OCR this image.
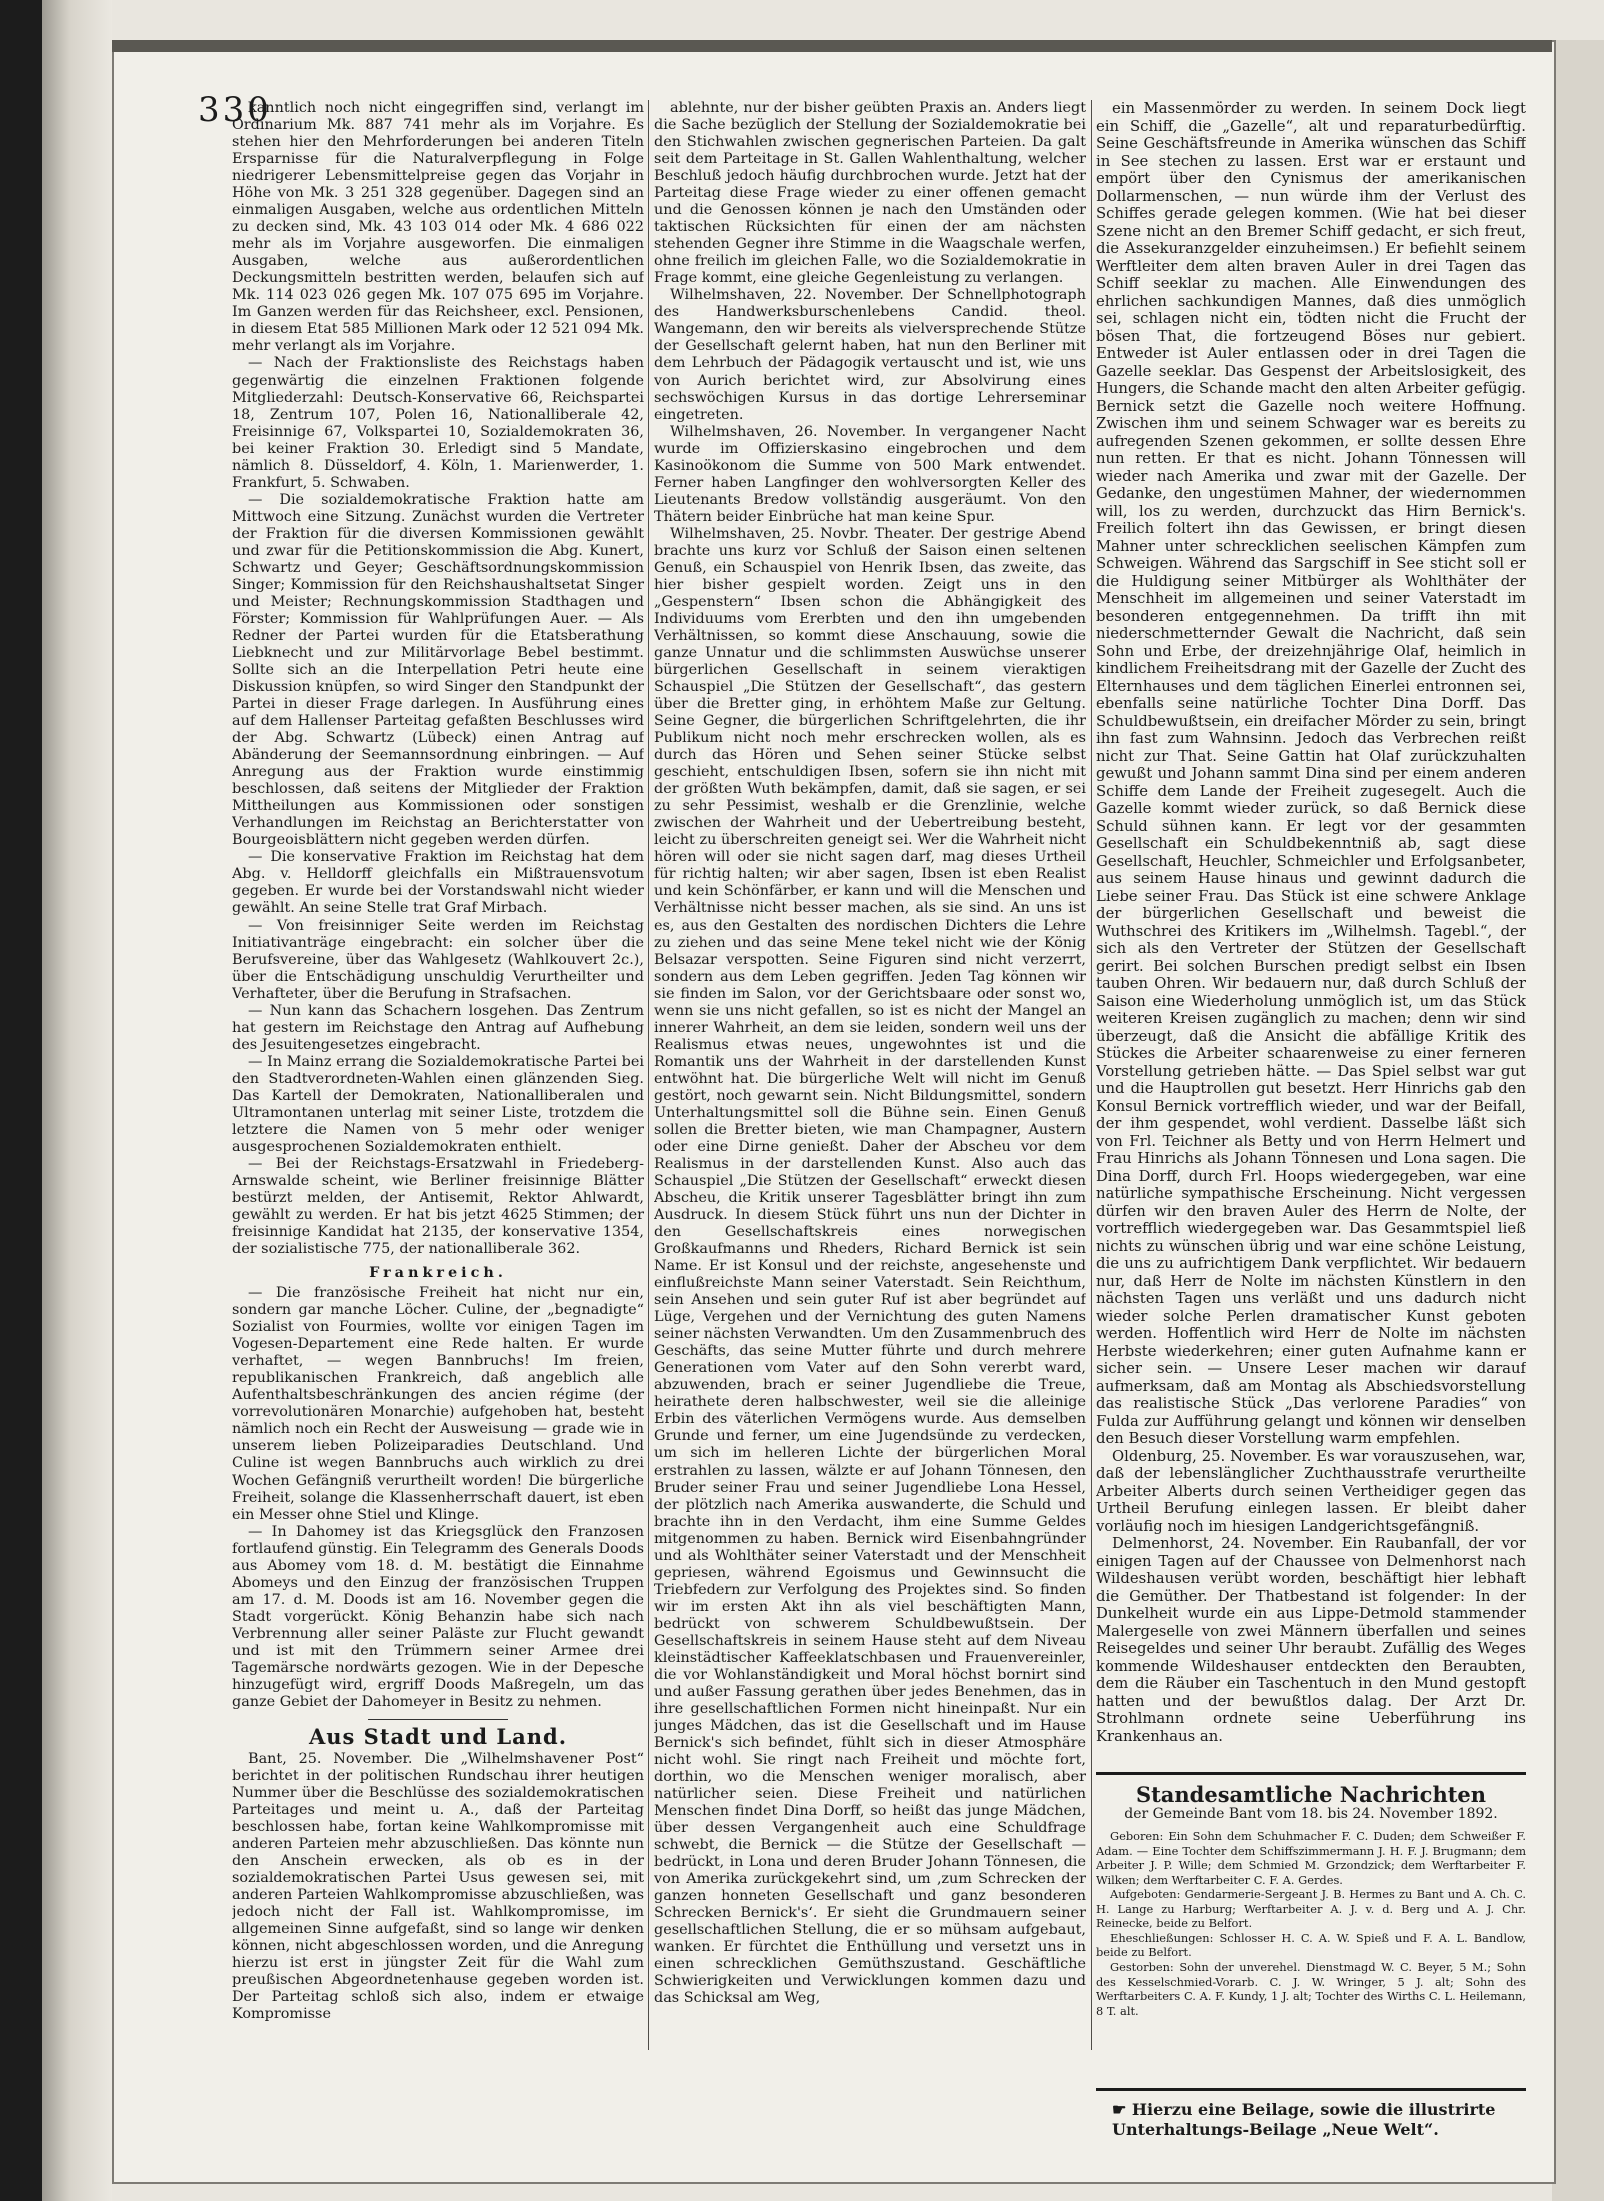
330

kanntlich noch nicht eingegriffen sind, verlangt im Ordinarium Mk. 887 741 mehr als im Vorjahre. Es stehen hier den Mehrforderungen bei anderen Titeln Ersparnisse für die Naturalverpflegung in Folge niedrigerer Lebensmittelpreise gegen das Vorjahr in Höhe von Mk. 3 251 328 gegenüber. Dagegen sind an einmaligen Ausgaben, welche aus ordentlichen Mitteln zu decken sind, Mk. 43 103 014 oder Mk. 4 686 022 mehr als im Vorjahre ausgeworfen. Die einmaligen Ausgaben, welche aus außerordentlichen Deckungsmitteln bestritten werden, belaufen sich auf Mk. 114 023 026 gegen Mk. 107 075 695 im Vorjahre. Im Ganzen werden für das Reichsheer, excl. Pensionen, in diesem Etat 585 Millionen Mark oder 12 521 094 Mk. mehr verlangt als im Vorjahre.

— Nach der Fraktionsliste des Reichstags haben gegenwärtig die einzelnen Fraktionen folgende Mitgliederzahl: Deutsch-Konservative 66, Reichspartei 18, Zentrum 107, Polen 16, Nationalliberale 42, Freisinnige 67, Volkspartei 10, Sozialdemokraten 36, bei keiner Fraktion 30. Erledigt sind 5 Mandate, nämlich 8. Düsseldorf, 4. Köln, 1. Marienwerder, 1. Frankfurt, 5. Schwaben.

— Die sozialdemokratische Fraktion hatte am Mittwoch eine Sitzung. Zunächst wurden die Vertreter der Fraktion für die diversen Kommissionen gewählt und zwar für die Petitionskommission die Abg. Kunert, Schwartz und Geyer; Geschäftsordnungskommission Singer; Kommission für den Reichshaushaltsetat Singer und Meister; Rechnungskommission Stadthagen und Förster; Kommission für Wahlprüfungen Auer. — Als Redner der Partei wurden für die Etatsberathung Liebknecht und zur Militärvorlage Bebel bestimmt. Sollte sich an die Interpellation Petri heute eine Diskussion knüpfen, so wird Singer den Standpunkt der Partei in dieser Frage darlegen. In Ausführung eines auf dem Hallenser Parteitag gefaßten Beschlusses wird der Abg. Schwartz (Lübeck) einen Antrag auf Abänderung der Seemannsordnung einbringen. — Auf Anregung aus der Fraktion wurde einstimmig beschlossen, daß seitens der Mitglieder der Fraktion Mittheilungen aus Kommissionen oder sonstigen Verhandlungen im Reichstag an Berichterstatter von Bourgeoisblättern nicht gegeben werden dürfen.

— Die konservative Fraktion im Reichstag hat dem Abg. v. Helldorff gleichfalls ein Mißtrauensvotum gegeben. Er wurde bei der Vorstandswahl nicht wieder gewählt. An seine Stelle trat Graf Mirbach.

— Von freisinniger Seite werden im Reichstag Initiativanträge eingebracht: ein solcher über die Berufsvereine, über das Wahlgesetz (Wahlkouvert 2c.), über die Entschädigung unschuldig Verurtheilter und Verhafteter, über die Berufung in Strafsachen.

— Nun kann das Schachern losgehen. Das Zentrum hat gestern im Reichstage den Antrag auf Aufhebung des Jesuitengesetzes eingebracht.

— In Mainz errang die Sozialdemokratische Partei bei den Stadtverordneten-Wahlen einen glänzenden Sieg. Das Kartell der Demokraten, Nationalliberalen und Ultramontanen unterlag mit seiner Liste, trotzdem die letztere die Namen von 5 mehr oder weniger ausgesprochenen Sozialdemokraten enthielt.

— Bei der Reichstags-Ersatzwahl in Friedeberg-Arnswalde scheint, wie Berliner freisinnige Blätter bestürzt melden, der Antisemit, Rektor Ahlwardt, gewählt zu werden. Er hat bis jetzt 4625 Stimmen; der freisinnige Kandidat hat 2135, der konservative 1354, der sozialistische 775, der nationalliberale 362.

Frankreich.

— Die französische Freiheit hat nicht nur ein, sondern gar manche Löcher. Culine, der „begnadigte“ Sozialist von Fourmies, wollte vor einigen Tagen im Vogesen-Departement eine Rede halten. Er wurde verhaftet, — wegen Bannbruchs! Im freien, republikanischen Frankreich, daß angeblich alle Aufenthaltsbeschränkungen des ancien régime (der vorrevolutionären Monarchie) aufgehoben hat, besteht nämlich noch ein Recht der Ausweisung — grade wie in unserem lieben Polizeiparadies Deutschland. Und Culine ist wegen Bannbruchs auch wirklich zu drei Wochen Gefängniß verurtheilt worden! Die bürgerliche Freiheit, solange die Klassenherrschaft dauert, ist eben ein Messer ohne Stiel und Klinge.

— In Dahomey ist das Kriegsglück den Franzosen fortlaufend günstig. Ein Telegramm des Generals Doods aus Abomey vom 18. d. M. bestätigt die Einnahme Abomeys und den Einzug der französischen Truppen am 17. d. M. Doods ist am 16. November gegen die Stadt vorgerückt. König Behanzin habe sich nach Verbrennung aller seiner Paläste zur Flucht gewandt und ist mit den Trümmern seiner Armee drei Tagemärsche nordwärts gezogen. Wie in der Depesche hinzugefügt wird, ergriff Doods Maßregeln, um das ganze Gebiet der Dahomeyer in Besitz zu nehmen.

Aus Stadt und Land.

Bant, 25. November. Die „Wilhelmshavener Post“ berichtet in der politischen Rundschau ihrer heutigen Nummer über die Beschlüsse des sozialdemokratischen Parteitages und meint u. A., daß der Parteitag beschlossen habe, fortan keine Wahlkompromisse mit anderen Parteien mehr abzuschließen. Das könnte nun den Anschein erwecken, als ob es in der sozialdemokratischen Partei Usus gewesen sei, mit anderen Parteien Wahlkompromisse abzuschließen, was jedoch nicht der Fall ist. Wahlkompromisse, im allgemeinen Sinne aufgefaßt, sind so lange wir denken können, nicht abgeschlossen worden, und die Anregung hierzu ist erst in jüngster Zeit für die Wahl zum preußischen Abgeordnetenhause gegeben worden ist. Der Parteitag schloß sich also, indem er etwaige Kompromisse

ablehnte, nur der bisher geübten Praxis an. Anders liegt die Sache bezüglich der Stellung der Sozialdemokratie bei den Stichwahlen zwischen gegnerischen Parteien. Da galt seit dem Parteitage in St. Gallen Wahlenthaltung, welcher Beschluß jedoch häufig durchbrochen wurde. Jetzt hat der Parteitag diese Frage wieder zu einer offenen gemacht und die Genossen können je nach den Umständen oder taktischen Rücksichten für einen der am nächsten stehenden Gegner ihre Stimme in die Waagschale werfen, ohne freilich im gleichen Falle, wo die Sozialdemokratie in Frage kommt, eine gleiche Gegenleistung zu verlangen.

Wilhelmshaven, 22. November. Der Schnellphotograph des Handwerksburschenlebens Candid. theol. Wangemann, den wir bereits als vielversprechende Stütze der Gesellschaft gelernt haben, hat nun den Berliner mit dem Lehrbuch der Pädagogik vertauscht und ist, wie uns von Aurich berichtet wird, zur Absolvirung eines sechswöchigen Kursus in das dortige Lehrerseminar eingetreten.

Wilhelmshaven, 26. November. In vergangener Nacht wurde im Offizierskasino eingebrochen und dem Kasinoökonom die Summe von 500 Mark entwendet. Ferner haben Langfinger den wohlversorgten Keller des Lieutenants Bredow vollständig ausgeräumt. Von den Thätern beider Einbrüche hat man keine Spur.

Wilhelmshaven, 25. Novbr. Theater. Der gestrige Abend brachte uns kurz vor Schluß der Saison einen seltenen Genuß, ein Schauspiel von Henrik Ibsen, das zweite, das hier bisher gespielt worden. Zeigt uns in den „Gespenstern“ Ibsen schon die Abhängigkeit des Individuums vom Ererbten und den ihn umgebenden Verhältnissen, so kommt diese Anschauung, sowie die ganze Unnatur und die schlimmsten Auswüchse unserer bürgerlichen Gesellschaft in seinem vieraktigen Schauspiel „Die Stützen der Gesellschaft“, das gestern über die Bretter ging, in erhöhtem Maße zur Geltung. Seine Gegner, die bürgerlichen Schriftgelehrten, die ihr Publikum nicht noch mehr erschrecken wollen, als es durch das Hören und Sehen seiner Stücke selbst geschieht, entschuldigen Ibsen, sofern sie ihn nicht mit der größten Wuth bekämpfen, damit, daß sie sagen, er sei zu sehr Pessimist, weshalb er die Grenzlinie, welche zwischen der Wahrheit und der Uebertreibung besteht, leicht zu überschreiten geneigt sei. Wer die Wahrheit nicht hören will oder sie nicht sagen darf, mag dieses Urtheil für richtig halten; wir aber sagen, Ibsen ist eben Realist und kein Schönfärber, er kann und will die Menschen und Verhältnisse nicht besser machen, als sie sind. An uns ist es, aus den Gestalten des nordischen Dichters die Lehre zu ziehen und das seine Mene tekel nicht wie der König Belsazar verspotten. Seine Figuren sind nicht verzerrt, sondern aus dem Leben gegriffen. Jeden Tag können wir sie finden im Salon, vor der Gerichtsbaare oder sonst wo, wenn sie uns nicht gefallen, so ist es nicht der Mangel an innerer Wahrheit, an dem sie leiden, sondern weil uns der Realismus etwas neues, ungewohntes ist und die Romantik uns der Wahrheit in der darstellenden Kunst entwöhnt hat. Die bürgerliche Welt will nicht im Genuß gestört, noch gewarnt sein. Nicht Bildungsmittel, sondern Unterhaltungsmittel soll die Bühne sein. Einen Genuß sollen die Bretter bieten, wie man Champagner, Austern oder eine Dirne genießt. Daher der Abscheu vor dem Realismus in der darstellenden Kunst. Also auch das Schauspiel „Die Stützen der Gesellschaft“ erweckt diesen Abscheu, die Kritik unserer Tagesblätter bringt ihn zum Ausdruck. In diesem Stück führt uns nun der Dichter in den Gesellschaftskreis eines norwegischen Großkaufmanns und Rheders, Richard Bernick ist sein Name. Er ist Konsul und der reichste, angesehenste und einflußreichste Mann seiner Vaterstadt. Sein Reichthum, sein Ansehen und sein guter Ruf ist aber begründet auf Lüge, Vergehen und der Vernichtung des guten Namens seiner nächsten Verwandten. Um den Zusammenbruch des Geschäfts, das seine Mutter führte und durch mehrere Generationen vom Vater auf den Sohn vererbt ward, abzuwenden, brach er seiner Jugendliebe die Treue, heirathete deren halbschwester, weil sie die alleinige Erbin des väterlichen Vermögens wurde. Aus demselben Grunde und ferner, um eine Jugendsünde zu verdecken, um sich im helleren Lichte der bürgerlichen Moral erstrahlen zu lassen, wälzte er auf Johann Tönnesen, den Bruder seiner Frau und seiner Jugendliebe Lona Hessel, der plötzlich nach Amerika auswanderte, die Schuld und brachte ihn in den Verdacht, ihm eine Summe Geldes mitgenommen zu haben. Bernick wird Eisenbahngründer und als Wohlthäter seiner Vaterstadt und der Menschheit gepriesen, während Egoismus und Gewinnsucht die Triebfedern zur Verfolgung des Projektes sind. So finden wir im ersten Akt ihn als viel beschäftigten Mann, bedrückt von schwerem Schuldbewußtsein. Der Gesellschaftskreis in seinem Hause steht auf dem Niveau kleinstädtischer Kaffeeklatschbasen und Frauenvereinler, die vor Wohlanständigkeit und Moral höchst bornirt sind und außer Fassung gerathen über jedes Benehmen, das in ihre gesellschaftlichen Formen nicht hineinpaßt. Nur ein junges Mädchen, das ist die Gesellschaft und im Hause Bernick's sich befindet, fühlt sich in dieser Atmosphäre nicht wohl. Sie ringt nach Freiheit und möchte fort, dorthin, wo die Menschen weniger moralisch, aber natürlicher seien. Diese Freiheit und natürlichen Menschen findet Dina Dorff, so heißt das junge Mädchen, über dessen Vergangenheit auch eine Schuldfrage schwebt, die Bernick — die Stütze der Gesellschaft — bedrückt, in Lona und deren Bruder Johann Tönnesen, die von Amerika zurückgekehrt sind, um ‚zum Schrecken der ganzen honneten Gesellschaft und ganz besonderen Schrecken Bernick's‘. Er sieht die Grundmauern seiner gesellschaftlichen Stellung, die er so mühsam aufgebaut, wanken. Er fürchtet die Enthüllung und versetzt uns in einen schrecklichen Gemüthszustand. Geschäftliche Schwierigkeiten und Verwicklungen kommen dazu und das Schicksal am Weg,

ein Massenmörder zu werden. In seinem Dock liegt ein Schiff, die „Gazelle“, alt und reparaturbedürftig. Seine Geschäftsfreunde in Amerika wünschen das Schiff in See stechen zu lassen. Erst war er erstaunt und empört über den Cynismus der amerikanischen Dollarmenschen, — nun würde ihm der Verlust des Schiffes gerade gelegen kommen. (Wie hat bei dieser Szene nicht an den Bremer Schiff gedacht, er sich freut, die Assekuranzgelder einzuheimsen.) Er befiehlt seinem Werftleiter dem alten braven Auler in drei Tagen das Schiff seeklar zu machen. Alle Einwendungen des ehrlichen sachkundigen Mannes, daß dies unmöglich sei, schlagen nicht ein, tödten nicht die Frucht der bösen That, die fortzeugend Böses nur gebiert. Entweder ist Auler entlassen oder in drei Tagen die Gazelle seeklar. Das Gespenst der Arbeitslosigkeit, des Hungers, die Schande macht den alten Arbeiter gefügig. Bernick setzt die Gazelle noch weitere Hoffnung. Zwischen ihm und seinem Schwager war es bereits zu aufregenden Szenen gekommen, er sollte dessen Ehre nun retten. Er that es nicht. Johann Tönnessen will wieder nach Amerika und zwar mit der Gazelle. Der Gedanke, den ungestümen Mahner, der wiedernommen will, los zu werden, durchzuckt das Hirn Bernick's. Freilich foltert ihn das Gewissen, er bringt diesen Mahner unter schrecklichen seelischen Kämpfen zum Schweigen. Während das Sargschiff in See sticht soll er die Huldigung seiner Mitbürger als Wohlthäter der Menschheit im allgemeinen und seiner Vaterstadt im besonderen entgegennehmen. Da trifft ihn mit niederschmetternder Gewalt die Nachricht, daß sein Sohn und Erbe, der dreizehnjährige Olaf, heimlich in kindlichem Freiheitsdrang mit der Gazelle der Zucht des Elternhauses und dem täglichen Einerlei entronnen sei, ebenfalls seine natürliche Tochter Dina Dorff. Das Schuldbewußtsein, ein dreifacher Mörder zu sein, bringt ihn fast zum Wahnsinn. Jedoch das Verbrechen reißt nicht zur That. Seine Gattin hat Olaf zurückzuhalten gewußt und Johann sammt Dina sind per einem anderen Schiffe dem Lande der Freiheit zugesegelt. Auch die Gazelle kommt wieder zurück, so daß Bernick diese Schuld sühnen kann. Er legt vor der gesammten Gesellschaft ein Schuldbekenntniß ab, sagt diese Gesellschaft, Heuchler, Schmeichler und Erfolgsanbeter, aus seinem Hause hinaus und gewinnt dadurch die Liebe seiner Frau. Das Stück ist eine schwere Anklage der bürgerlichen Gesellschaft und beweist die Wuthschrei des Kritikers im „Wilhelmsh. Tagebl.“, der sich als den Vertreter der Stützen der Gesellschaft gerirt. Bei solchen Burschen predigt selbst ein Ibsen tauben Ohren. Wir bedauern nur, daß durch Schluß der Saison eine Wiederholung unmöglich ist, um das Stück weiteren Kreisen zugänglich zu machen; denn wir sind überzeugt, daß die Ansicht die abfällige Kritik des Stückes die Arbeiter schaarenweise zu einer ferneren Vorstellung getrieben hätte. — Das Spiel selbst war gut und die Hauptrollen gut besetzt. Herr Hinrichs gab den Konsul Bernick vortrefflich wieder, und war der Beifall, der ihm gespendet, wohl verdient. Dasselbe läßt sich von Frl. Teichner als Betty und von Herrn Helmert und Frau Hinrichs als Johann Tönnesen und Lona sagen. Die Dina Dorff, durch Frl. Hoops wiedergegeben, war eine natürliche sympathische Erscheinung. Nicht vergessen dürfen wir den braven Auler des Herrn de Nolte, der vortrefflich wiedergegeben war. Das Gesammtspiel ließ nichts zu wünschen übrig und war eine schöne Leistung, die uns zu aufrichtigem Dank verpflichtet. Wir bedauern nur, daß Herr de Nolte im nächsten Künstlern in den nächsten Tagen uns verläßt und uns dadurch nicht wieder solche Perlen dramatischer Kunst geboten werden. Hoffentlich wird Herr de Nolte im nächsten Herbste wiederkehren; einer guten Aufnahme kann er sicher sein. — Unsere Leser machen wir darauf aufmerksam, daß am Montag als Abschiedsvorstellung das realistische Stück „Das verlorene Paradies“ von Fulda zur Aufführung gelangt und können wir denselben den Besuch dieser Vorstellung warm empfehlen.

Oldenburg, 25. November. Es war vorauszusehen, war, daß der lebenslänglicher Zuchthausstrafe verurtheilte Arbeiter Alberts durch seinen Vertheidiger gegen das Urtheil Berufung einlegen lassen. Er bleibt daher vorläufig noch im hiesigen Landgerichtsgefängniß.

Delmenhorst, 24. November. Ein Raubanfall, der vor einigen Tagen auf der Chaussee von Delmenhorst nach Wildeshausen verübt worden, beschäftigt hier lebhaft die Gemüther. Der Thatbestand ist folgender: In der Dunkelheit wurde ein aus Lippe-Detmold stammender Malergeselle von zwei Männern überfallen und seines Reisegeldes und seiner Uhr beraubt. Zufällig des Weges kommende Wildeshauser entdeckten den Beraubten, dem die Räuber ein Taschentuch in den Mund gestopft hatten und der bewußtlos dalag. Der Arzt Dr. Strohlmann ordnete seine Ueberführung ins Krankenhaus an.

Standesamtliche Nachrichten
der Gemeinde Bant vom 18. bis 24. November 1892.

Geboren: Ein Sohn dem Schuhmacher F. C. Duden; dem Schweißer F. Adam. — Eine Tochter dem Schiffszimmermann J. H. F. J. Brugmann; dem Arbeiter J. P. Wille; dem Schmied M. Grzondzick; dem Werftarbeiter F. Wilken; dem Werftarbeiter C. F. A. Gerdes.

Aufgeboten: Gendarmerie-Sergeant J. B. Hermes zu Bant und A. Ch. C. H. Lange zu Harburg; Werftarbeiter A. J. v. d. Berg und A. J. Chr. Reinecke, beide zu Belfort.

Eheschließungen: Schlosser H. C. A. W. Spieß und F. A. L. Bandlow, beide zu Belfort.

Gestorben: Sohn der unverehel. Dienstmagd W. C. Beyer, 5 M.; Sohn des Kesselschmied-Vorarb. C. J. W. Wringer, 5 J. alt; Sohn des Werftarbeiters C. A. F. Kundy, 1 J. alt; Tochter des Wirths C. L. Heilemann, 8 T. alt.

☛ Hierzu eine Beilage, sowie die illustrirte Unterhaltungs-Beilage „Neue Welt“.
